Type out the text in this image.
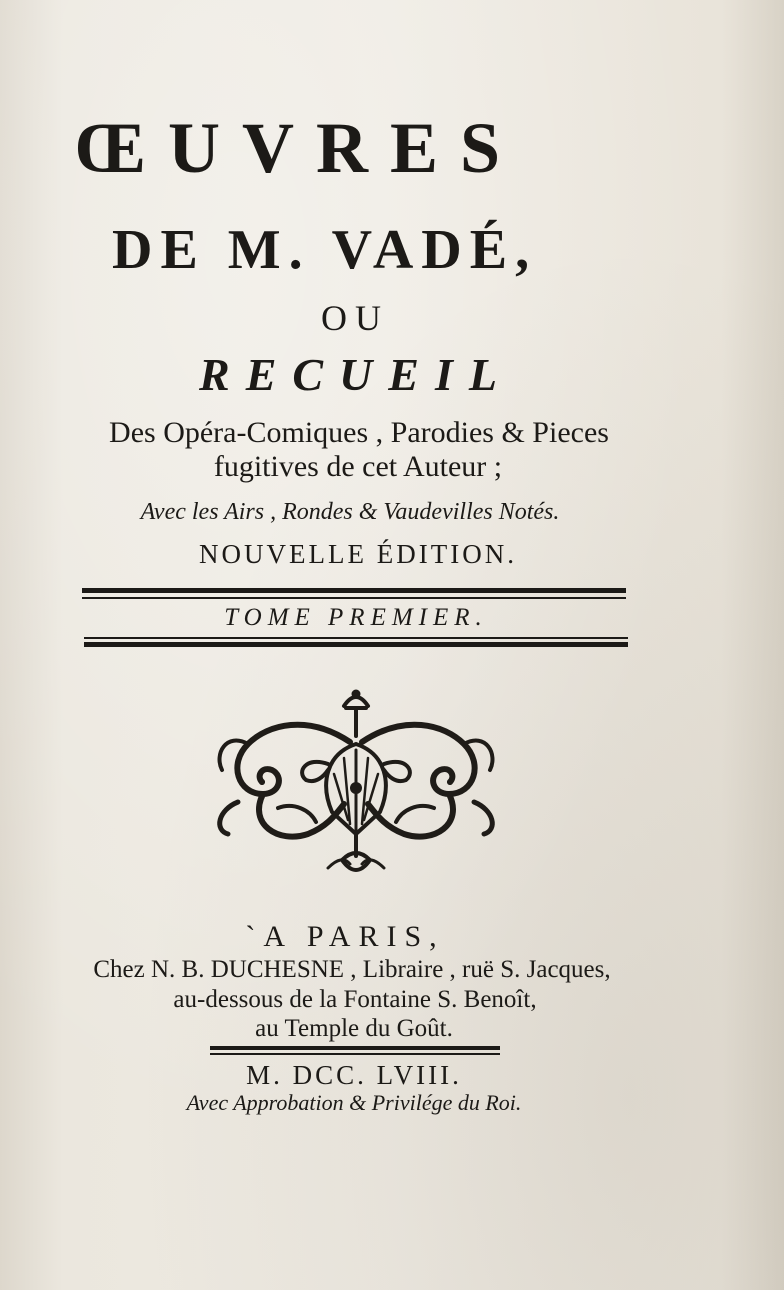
ŒUVRES
DE M. VADÉ,
OU
RECUEIL
Des Opéra-Comiques , Parodies & Pieces
fugitives de cet Auteur ;
Avec les Airs , Rondes & Vaudevilles Notés.
NOUVELLE ÉDITION.
TOME PREMIER.
`A PARIS,
Chez N. B. DUCHESNE , Libraire , ruë S. Jacques,
au-dessous de la Fontaine S. Benoît,
au Temple du Goût.
M. DCC. LVIII.
Avec Approbation & Privilége du Roi.
